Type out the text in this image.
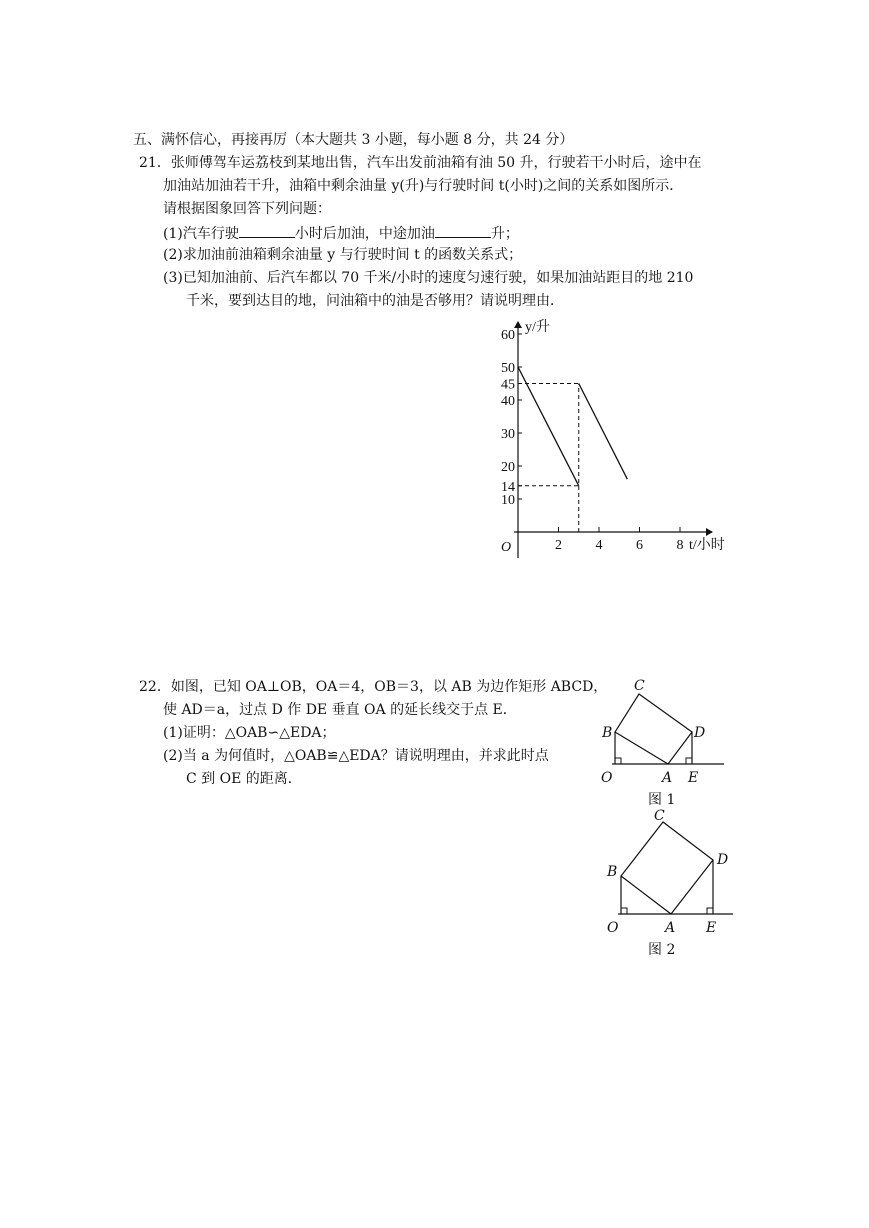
五、满怀信心，再接再厉（本大题共 3 小题，每小题 8 分，共 24 分）
21．张师傅驾车运荔枝到某地出售，汽车出发前油箱有油 50 升，行驶若干小时后，途中在
加油站加油若干升，油箱中剩余油量 y(升)与行驶时间 t(小时)之间的关系如图所示．
请根据图象回答下列问题：
(1)汽车行驶	小时后加油，中途加油	升；
(2)求加油前油箱剩余油量 y 与行驶时间 t 的函数关系式；
(3)已知加油前、后汽车都以 70 千米/小时的速度匀速行驶，如果加油站距目的地 210
千米，要到达目的地，问油箱中的油是否够用？请说明理由．
2 4 6 8
10
14
20
30
40
45
50
60
O
y/升
t/小时
22．如图，已知 OA⊥OB，OA＝4，OB＝3，以 AB 为边作矩形 ABCD，
使 AD＝a，过点 D 作 DE 垂直 OA 的延长线交于点 E．
(1)证明：△OAB∽△EDA；
(2)当 a 为何值时，△OAB≌△EDA？请说明理由，并求此时点
C 到 OE 的距离．
C
B	D
O	A E
图 1
C
B
D
O	A E
图 2
